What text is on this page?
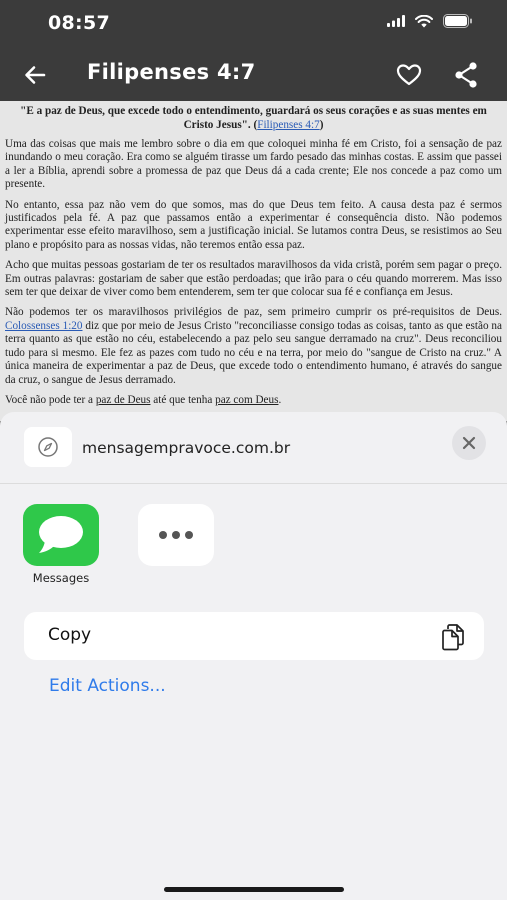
08:57
Filipenses 4:7

"E a paz de Deus, que excede todo o entendimento, guardará os seus corações e as suas mentes em Cristo Jesus". (Filipenses 4:7)

Uma das coisas que mais me lembro sobre o dia em que coloquei minha fé em Cristo, foi a sensação de paz inundando o meu coração. Era como se alguém tirasse um fardo pesado das minhas costas. E assim que passei a ler a Bíblia, aprendi sobre a promessa de paz que Deus dá a cada crente; Ele nos concede a paz como um presente.

No entanto, essa paz não vem do que somos, mas do que Deus tem feito. A causa desta paz é sermos justificados pela fé. A paz que passamos então a experimentar é consequência disto. Não podemos experimentar esse efeito maravilhoso, sem a justificação inicial. Se lutamos contra Deus, se resistimos ao Seu plano e propósito para as nossas vidas, não teremos então essa paz.

Acho que muitas pessoas gostariam de ter os resultados maravilhosos da vida cristã, porém sem pagar o preço. Em outras palavras: gostariam de saber que estão perdoadas; que irão para o céu quando morrerem. Mas isso sem ter que deixar de viver como bem entenderem, sem ter que colocar sua fé e confiança em Jesus.

Não podemos ter os maravilhosos privilégios de paz, sem primeiro cumprir os pré-requisitos de Deus. Colossenses 1:20 diz que por meio de Jesus Cristo "reconciliasse consigo todas as coisas, tanto as que estão na terra quanto as que estão no céu, estabelecendo a paz pelo seu sangue derramado na cruz". Deus reconciliou tudo para si mesmo. Ele fez as pazes com tudo no céu e na terra, por meio do "sangue de Cristo na cruz." A única maneira de experimentar a paz de Deus, que excede todo o entendimento humano, é através do sangue da cruz, o sangue de Jesus derramado.

Você não pode ter a paz de Deus até que tenha paz com Deus.

mensagempravoce.com.br
Messages
Copy
Edit Actions...
